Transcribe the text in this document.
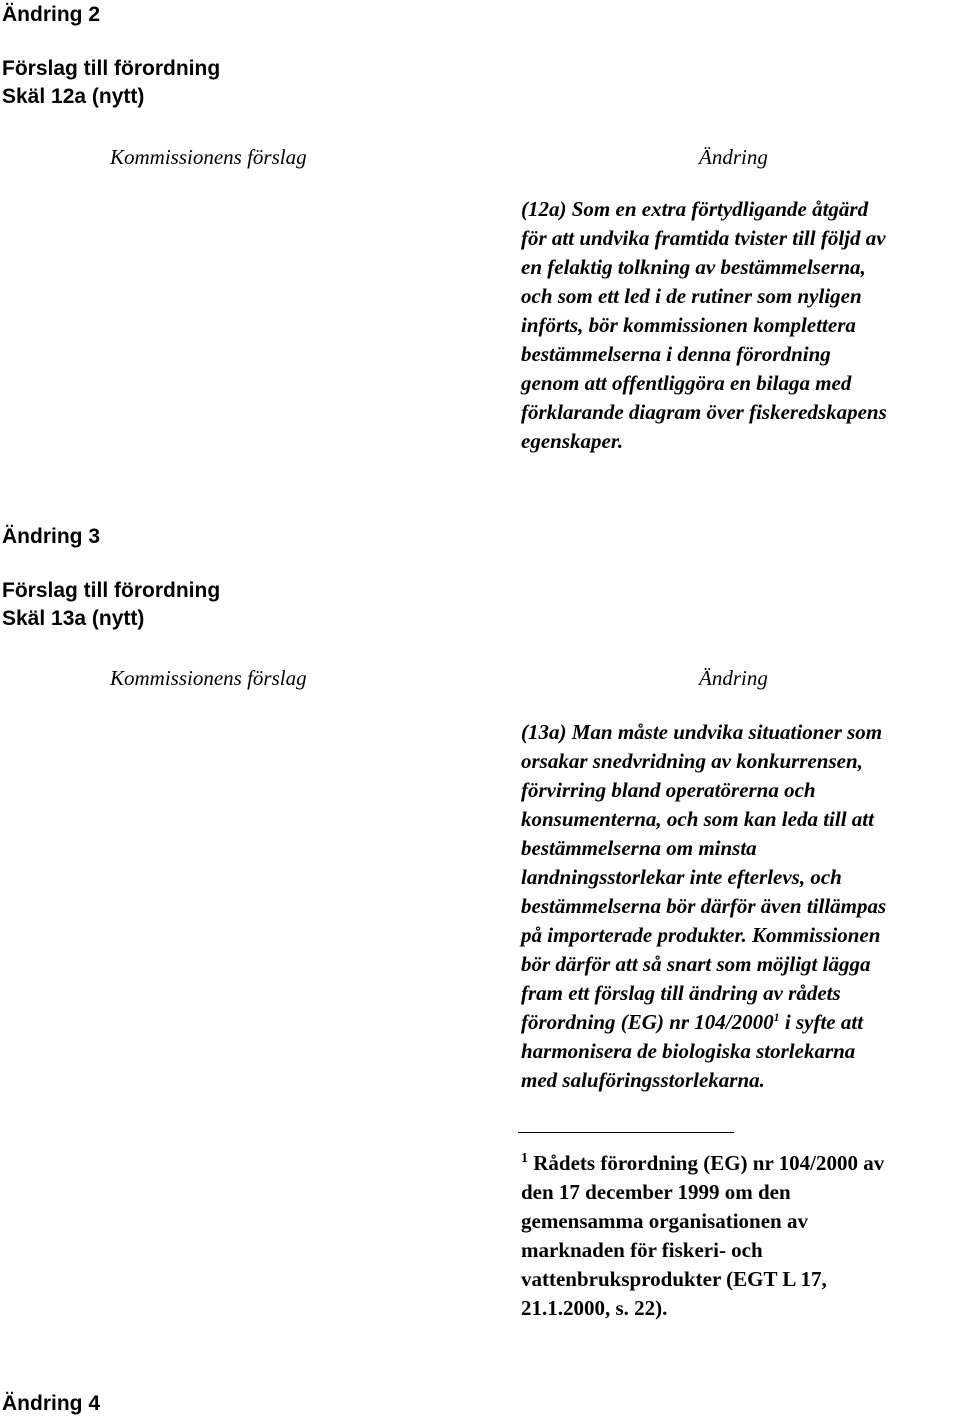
Ändring 2
Förslag till förordning
Skäl 12a (nytt)
Kommissionens förslag	Ändring
(12a) Som en extra förtydligande åtgärd
för att undvika framtida tvister till följd av
en felaktig tolkning av bestämmelserna,
och som ett led i de rutiner som nyligen
införts, bör kommissionen komplettera
bestämmelserna i denna förordning
genom att offentliggöra en bilaga med
förklarande diagram över fiskeredskapens
egenskaper.
Ändring 3
Förslag till förordning
Skäl 13a (nytt)
Kommissionens förslag	Ändring
(13a) Man måste undvika situationer som
orsakar snedvridning av konkurrensen,
förvirring bland operatörerna och
konsumenterna, och som kan leda till att
bestämmelserna om minsta
landningsstorlekar inte efterlevs, och
bestämmelserna bör därför även tillämpas
på importerade produkter. Kommissionen
bör därför att så snart som möjligt lägga
fram ett förslag till ändring av rådets
förordning (EG) nr 104/2000$^1$ i syfte att
harmonisera de biologiska storlekarna
med saluföringsstorlekarna.
$^1$ Rådets förordning (EG) nr 104/2000 av
den 17 december 1999 om den
gemensamma organisationen av
marknaden för fiskeri- och
vattenbruksprodukter (EGT L 17,
21.1.2000, s. 22).
Ändring 4
